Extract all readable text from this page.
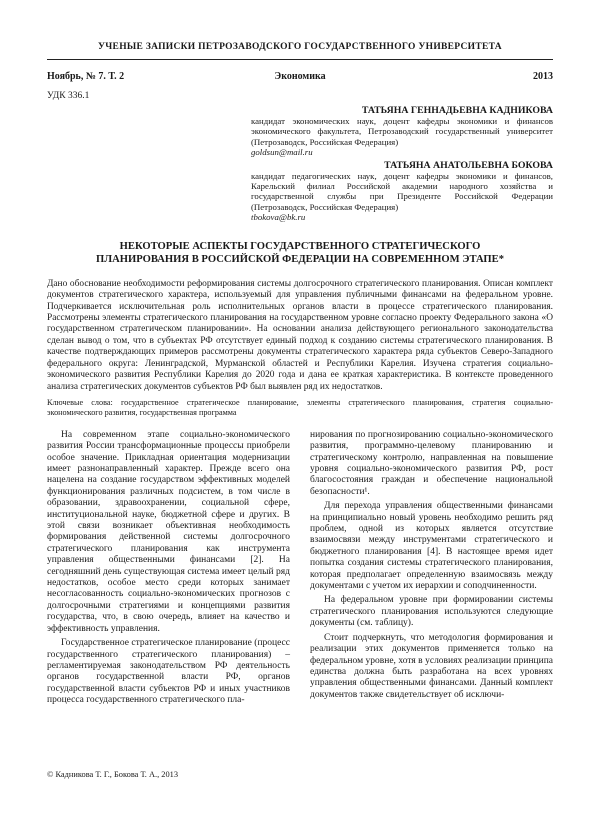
УЧЕНЫЕ ЗАПИСКИ ПЕТРОЗАВОДСКОГО ГОСУДАРСТВЕННОГО УНИВЕРСИТЕТА
Ноябрь, № 7. Т. 2	Экономика	2013
УДК 336.1
ТАТЬЯНА ГЕННАДЬЕВНА КАДНИКОВА
кандидат экономических наук, доцент кафедры экономики и финансов экономического факультета, Петрозаводский государственный университет (Петрозаводск, Российская Федерация)
goldsun@mail.ru
ТАТЬЯНА АНАТОЛЬЕВНА БОКОВА
кандидат педагогических наук, доцент кафедры экономики и финансов, Карельский филиал Российской академии народного хозяйства и государственной службы при Президенте Российской Федерации (Петрозаводск, Российская Федерация)
tbokova@bk.ru
НЕКОТОРЫЕ АСПЕКТЫ ГОСУДАРСТВЕННОГО СТРАТЕГИЧЕСКОГО ПЛАНИРОВАНИЯ В РОССИЙСКОЙ ФЕДЕРАЦИИ НА СОВРЕМЕННОМ ЭТАПЕ*
Дано обоснование необходимости реформирования системы долгосрочного стратегического планирования. Описан комплект документов стратегического характера, используемый для управления публичными финансами на федеральном уровне. Подчеркивается исключительная роль исполнительных органов власти в процессе стратегического планирования. Рассмотрены элементы стратегического планирования на государственном уровне согласно проекту Федерального закона «О государственном стратегическом планировании». На основании анализа действующего регионального законодательства сделан вывод о том, что в субъектах РФ отсутствует единый подход к созданию системы стратегического планирования. В качестве подтверждающих примеров рассмотрены документы стратегического характера ряда субъектов Северо-Западного федерального округа: Ленинградской, Мурманской областей и Республики Карелия. Изучена стратегия социально-экономического развития Республики Карелия до 2020 года и дана ее краткая характеристика. В контексте проведенного анализа стратегических документов субъектов РФ был выявлен ряд их недостатков.
Ключевые слова: государственное стратегическое планирование, элементы стратегического планирования, стратегия социально-экономического развития, государственная программа

На современном этапе социально-экономического развития России трансформационные процессы приобрели особое значение. Прикладная ориентация модернизации имеет разнонаправленный характер. Прежде всего она нацелена на создание государством эффективных моделей функционирования различных подсистем, в том числе в образовании, здравоохранении, социальной сфере, институциональной науке, бюджетной сфере и других. В этой связи возникает объективная необходимость формирования действенной системы долгосрочного стратегического планирования как инструмента управления общественными финансами [2]. На сегодняшний день существующая система имеет целый ряд недостатков, особое место среди которых занимает несогласованность социально-экономических прогнозов с долгосрочными стратегиями и концепциями развития государства, что, в свою очередь, влияет на качество и эффективность управления.

Государственное стратегическое планирование (процесс государственного стратегического планирования) – регламентируемая законодательством РФ деятельность органов государственной власти РФ, органов государственной власти субъектов РФ и иных участников процесса государственного стратегического пла-

нирования по прогнозированию социально-экономического развития, программно-целевому планированию и стратегическому контролю, направленная на повышение уровня социально-экономического развития РФ, рост благосостояния граждан и обеспечение национальной безопасности¹.

Для перехода управления общественными финансами на принципиально новый уровень необходимо решить ряд проблем, одной из которых является отсутствие взаимосвязи между инструментами стратегического и бюджетного планирования [4]. В настоящее время идет попытка создания системы стратегического планирования, которая предполагает определенную взаимосвязь между документами с учетом их иерархии и соподчиненности.

На федеральном уровне при формировании системы стратегического планирования используются следующие документы (см. таблицу).

Стоит подчеркнуть, что методология формирования и реализации этих документов применяется только на федеральном уровне, хотя в условиях реализации принципа единства должна быть разработана на всех уровнях управления общественными финансами. Данный комплект документов также свидетельствует об исключи-

© Кадникова Т. Г., Бокова Т. А., 2013
